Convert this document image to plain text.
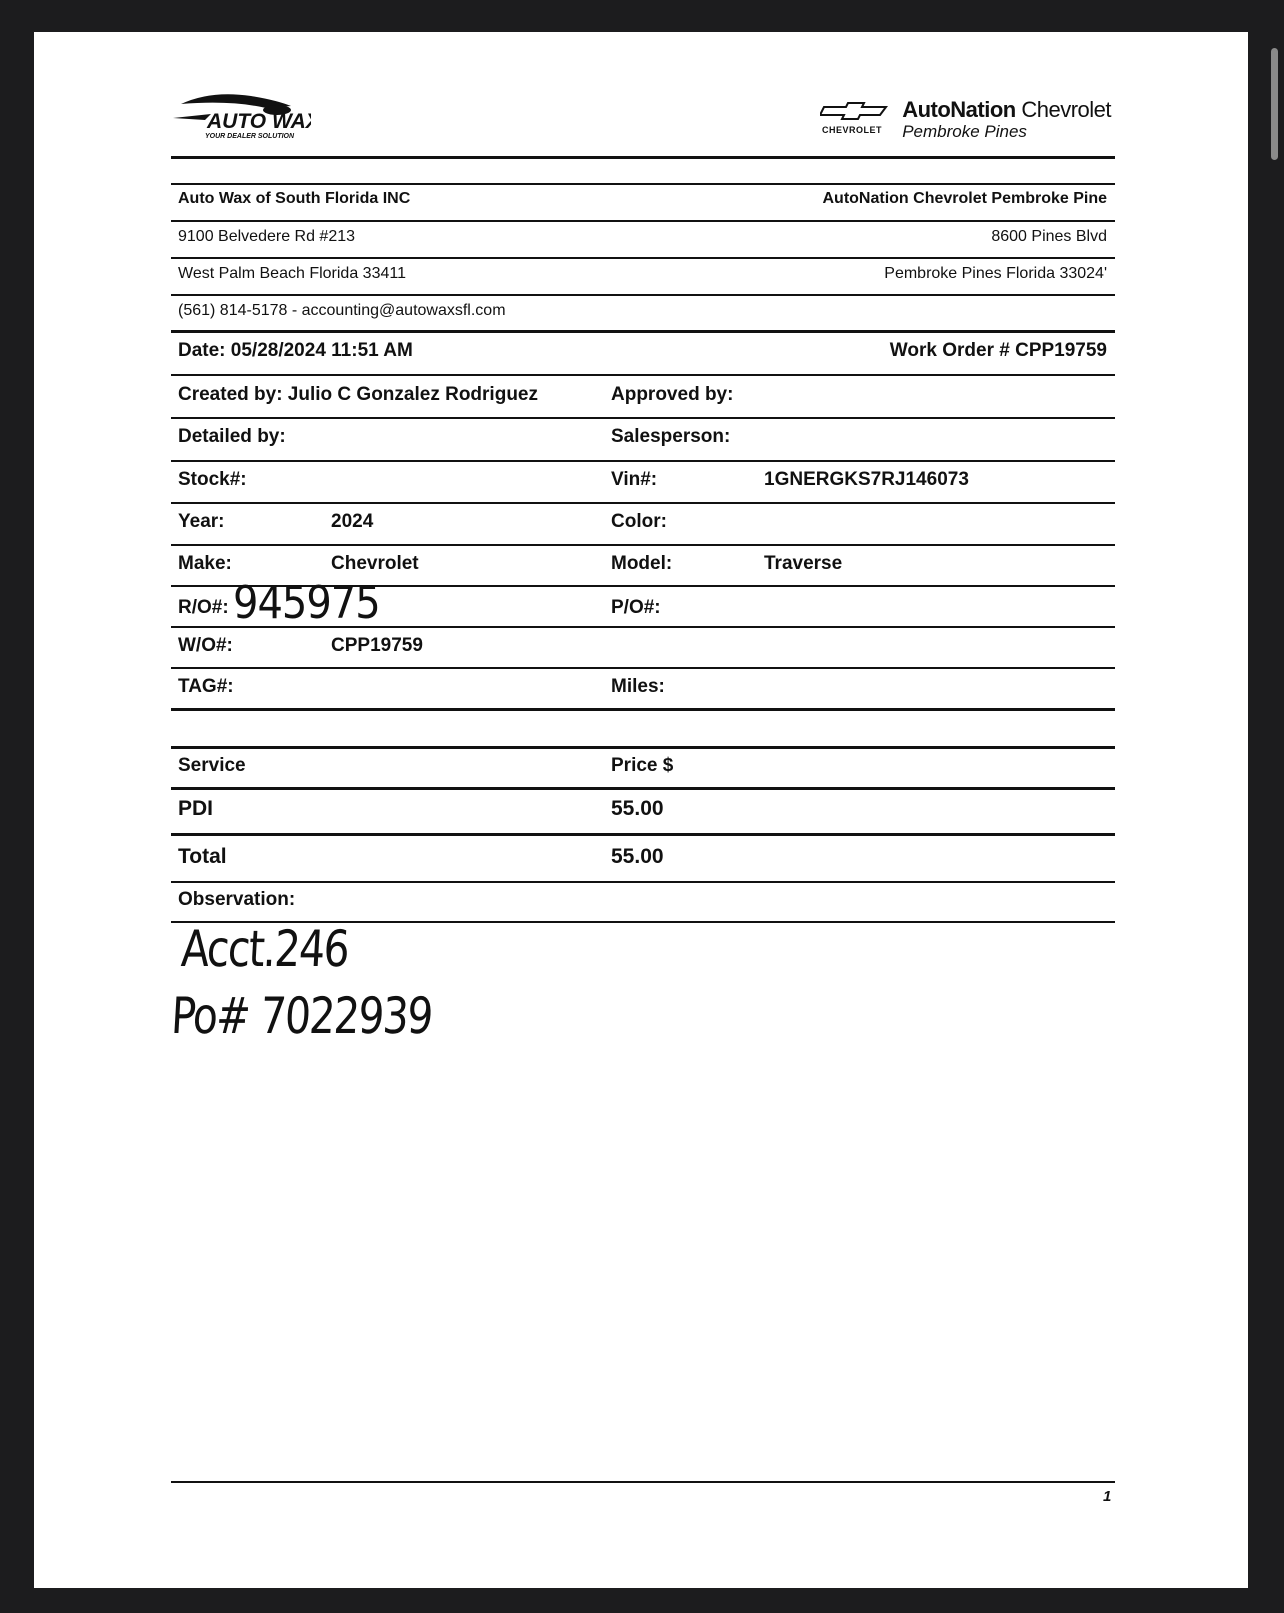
AUTO WAX
YOUR DEALER SOLUTION
CHEVROLET
AutoNation Chevrolet
Pembroke Pines
Auto Wax of South Florida INC	AutoNation Chevrolet Pembroke Pine
9100 Belvedere Rd #213	8600 Pines Blvd
West Palm Beach Florida 33411	Pembroke Pines Florida 33024'
(561) 814-5178 - accounting@autowaxsfl.com
Date: 05/28/2024 11:51 AM	Work Order # CPP19759
Created by: Julio C Gonzalez Rodriguez	Approved by:
Detailed by:	Salesperson:
Stock#:	Vin#:	1GNERGKS7RJ146073
Year:	2024	Color:
Make:	Chevrolet	Model:	Traverse
R/O#: 945975	P/O#:
W/O#:	CPP19759
TAG#:	Miles:
Service	Price $
PDI	55.00
Total	55.00
Observation:
Acct.246
Po# 7022939
1
